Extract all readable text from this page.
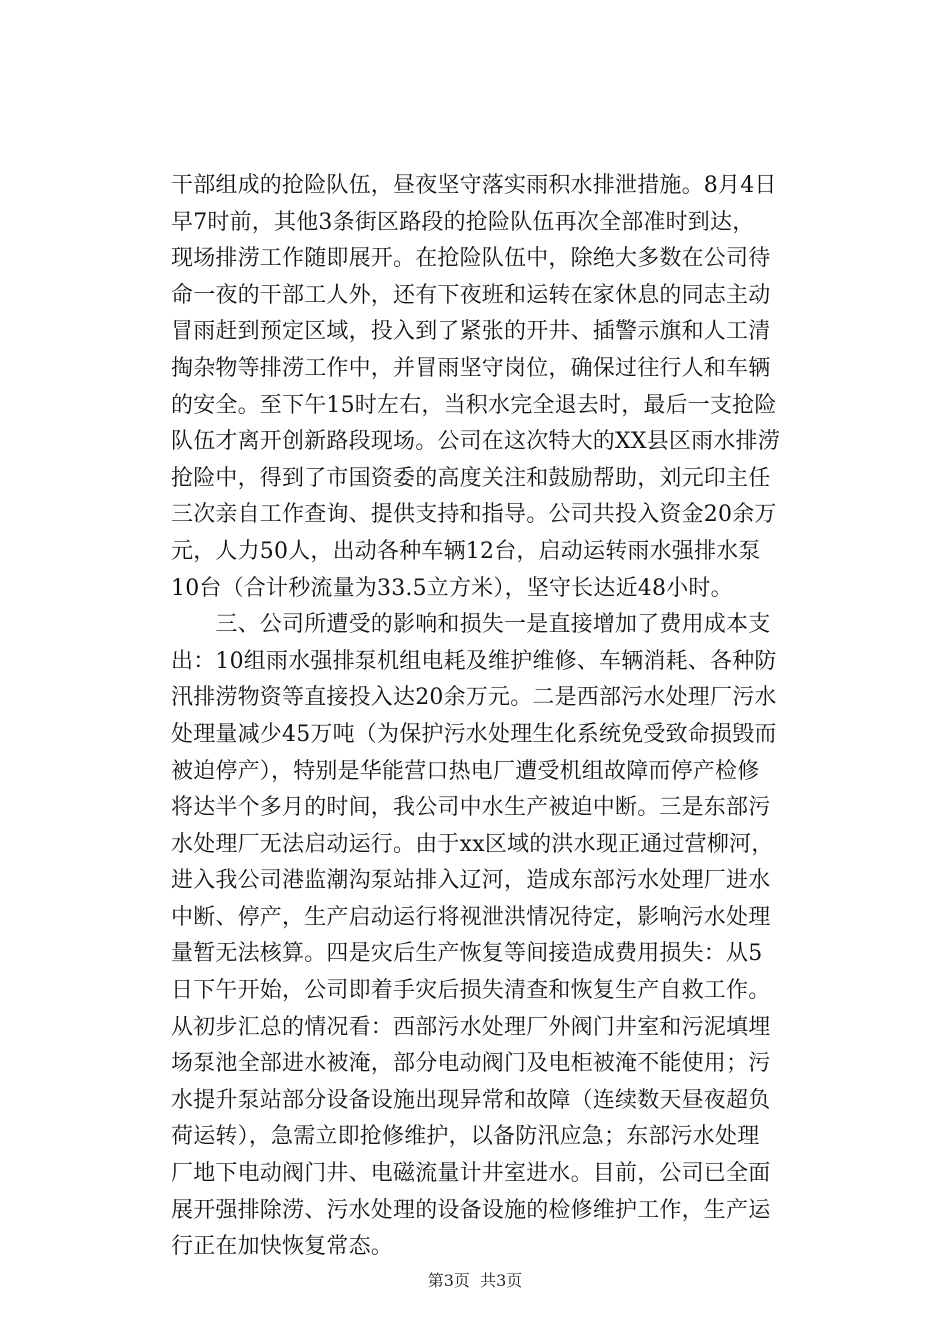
干部组成的抢险队伍，昼夜坚守落实雨积水排泄措施。8月4日
早7时前，其他3条街区路段的抢险队伍再次全部准时到达，
现场排涝工作随即展开。在抢险队伍中，除绝大多数在公司待
命一夜的干部工人外，还有下夜班和运转在家休息的同志主动
冒雨赶到预定区域，投入到了紧张的开井、插警示旗和人工清
掏杂物等排涝工作中，并冒雨坚守岗位，确保过往行人和车辆
的安全。至下午15时左右，当积水完全退去时，最后一支抢险
队伍才离开创新路段现场。公司在这次特大的XX县区雨水排涝
抢险中，得到了市国资委的高度关注和鼓励帮助，刘元印主任
三次亲自工作查询、提供支持和指导。公司共投入资金20余万
元，人力50人，出动各种车辆12台，启动运转雨水强排水泵
10台（合计秒流量为33.5立方米），坚守长达近48小时。
　　三、公司所遭受的影响和损失一是直接增加了费用成本支
出：10组雨水强排泵机组电耗及维护维修、车辆消耗、各种防
汛排涝物资等直接投入达20余万元。二是西部污水处理厂污水
处理量减少45万吨（为保护污水处理生化系统免受致命损毁而
被迫停产），特别是华能营口热电厂遭受机组故障而停产检修
将达半个多月的时间，我公司中水生产被迫中断。三是东部污
水处理厂无法启动运行。由于xx区域的洪水现正通过营柳河，
进入我公司港监潮沟泵站排入辽河，造成东部污水处理厂进水
中断、停产，生产启动运行将视泄洪情况待定，影响污水处理
量暂无法核算。四是灾后生产恢复等间接造成费用损失：从5
日下午开始，公司即着手灾后损失清查和恢复生产自救工作。
从初步汇总的情况看：西部污水处理厂外阀门井室和污泥填埋
场泵池全部进水被淹，部分电动阀门及电柜被淹不能使用；污
水提升泵站部分设备设施出现异常和故障（连续数天昼夜超负
荷运转），急需立即抢修维护，以备防汛应急；东部污水处理
厂地下电动阀门井、电磁流量计井室进水。目前，公司已全面
展开强排除涝、污水处理的设备设施的检修维护工作，生产运
行正在加快恢复常态。
第3页  共3页
